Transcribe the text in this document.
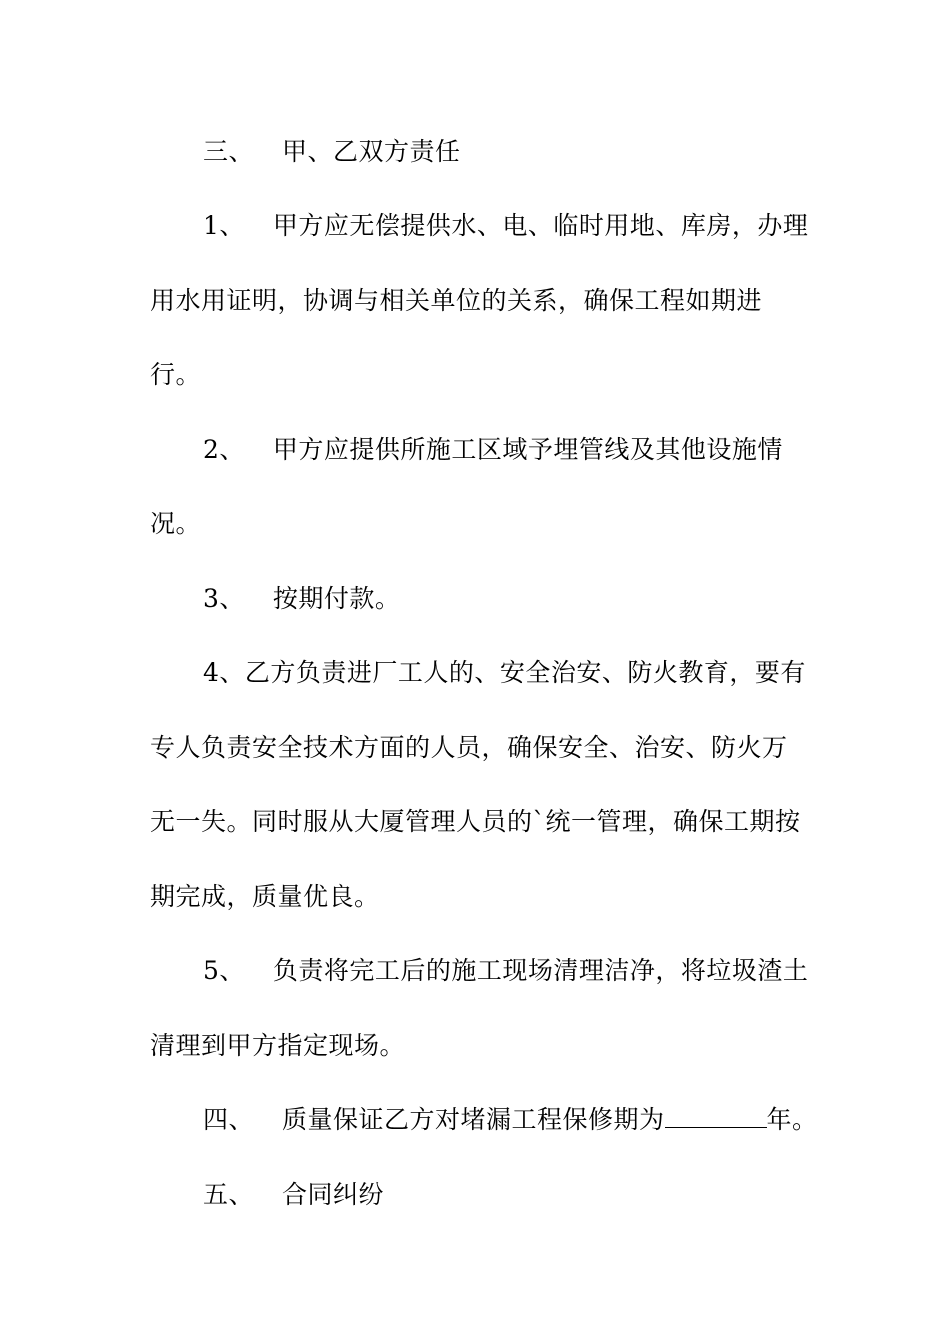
三、 甲、乙双方责任
1、 甲方应无偿提供水、电、临时用地、库房，办理
用水用证明，协调与相关单位的关系，确保工程如期进
行。
2、 甲方应提供所施工区域予埋管线及其他设施情
况。
3、 按期付款。
4、乙方负责进厂工人的、安全治安、防火教育，要有
专人负责安全技术方面的人员，确保安全、治安、防火万
无一失。同时服从大厦管理人员的`统一管理，确保工期按
期完成，质量优良。
5、 负责将完工后的施工现场清理洁净，将垃圾渣土
清理到甲方指定现场。
四、 质量保证乙方对堵漏工程保修期为	年。
五、 合同纠纷
